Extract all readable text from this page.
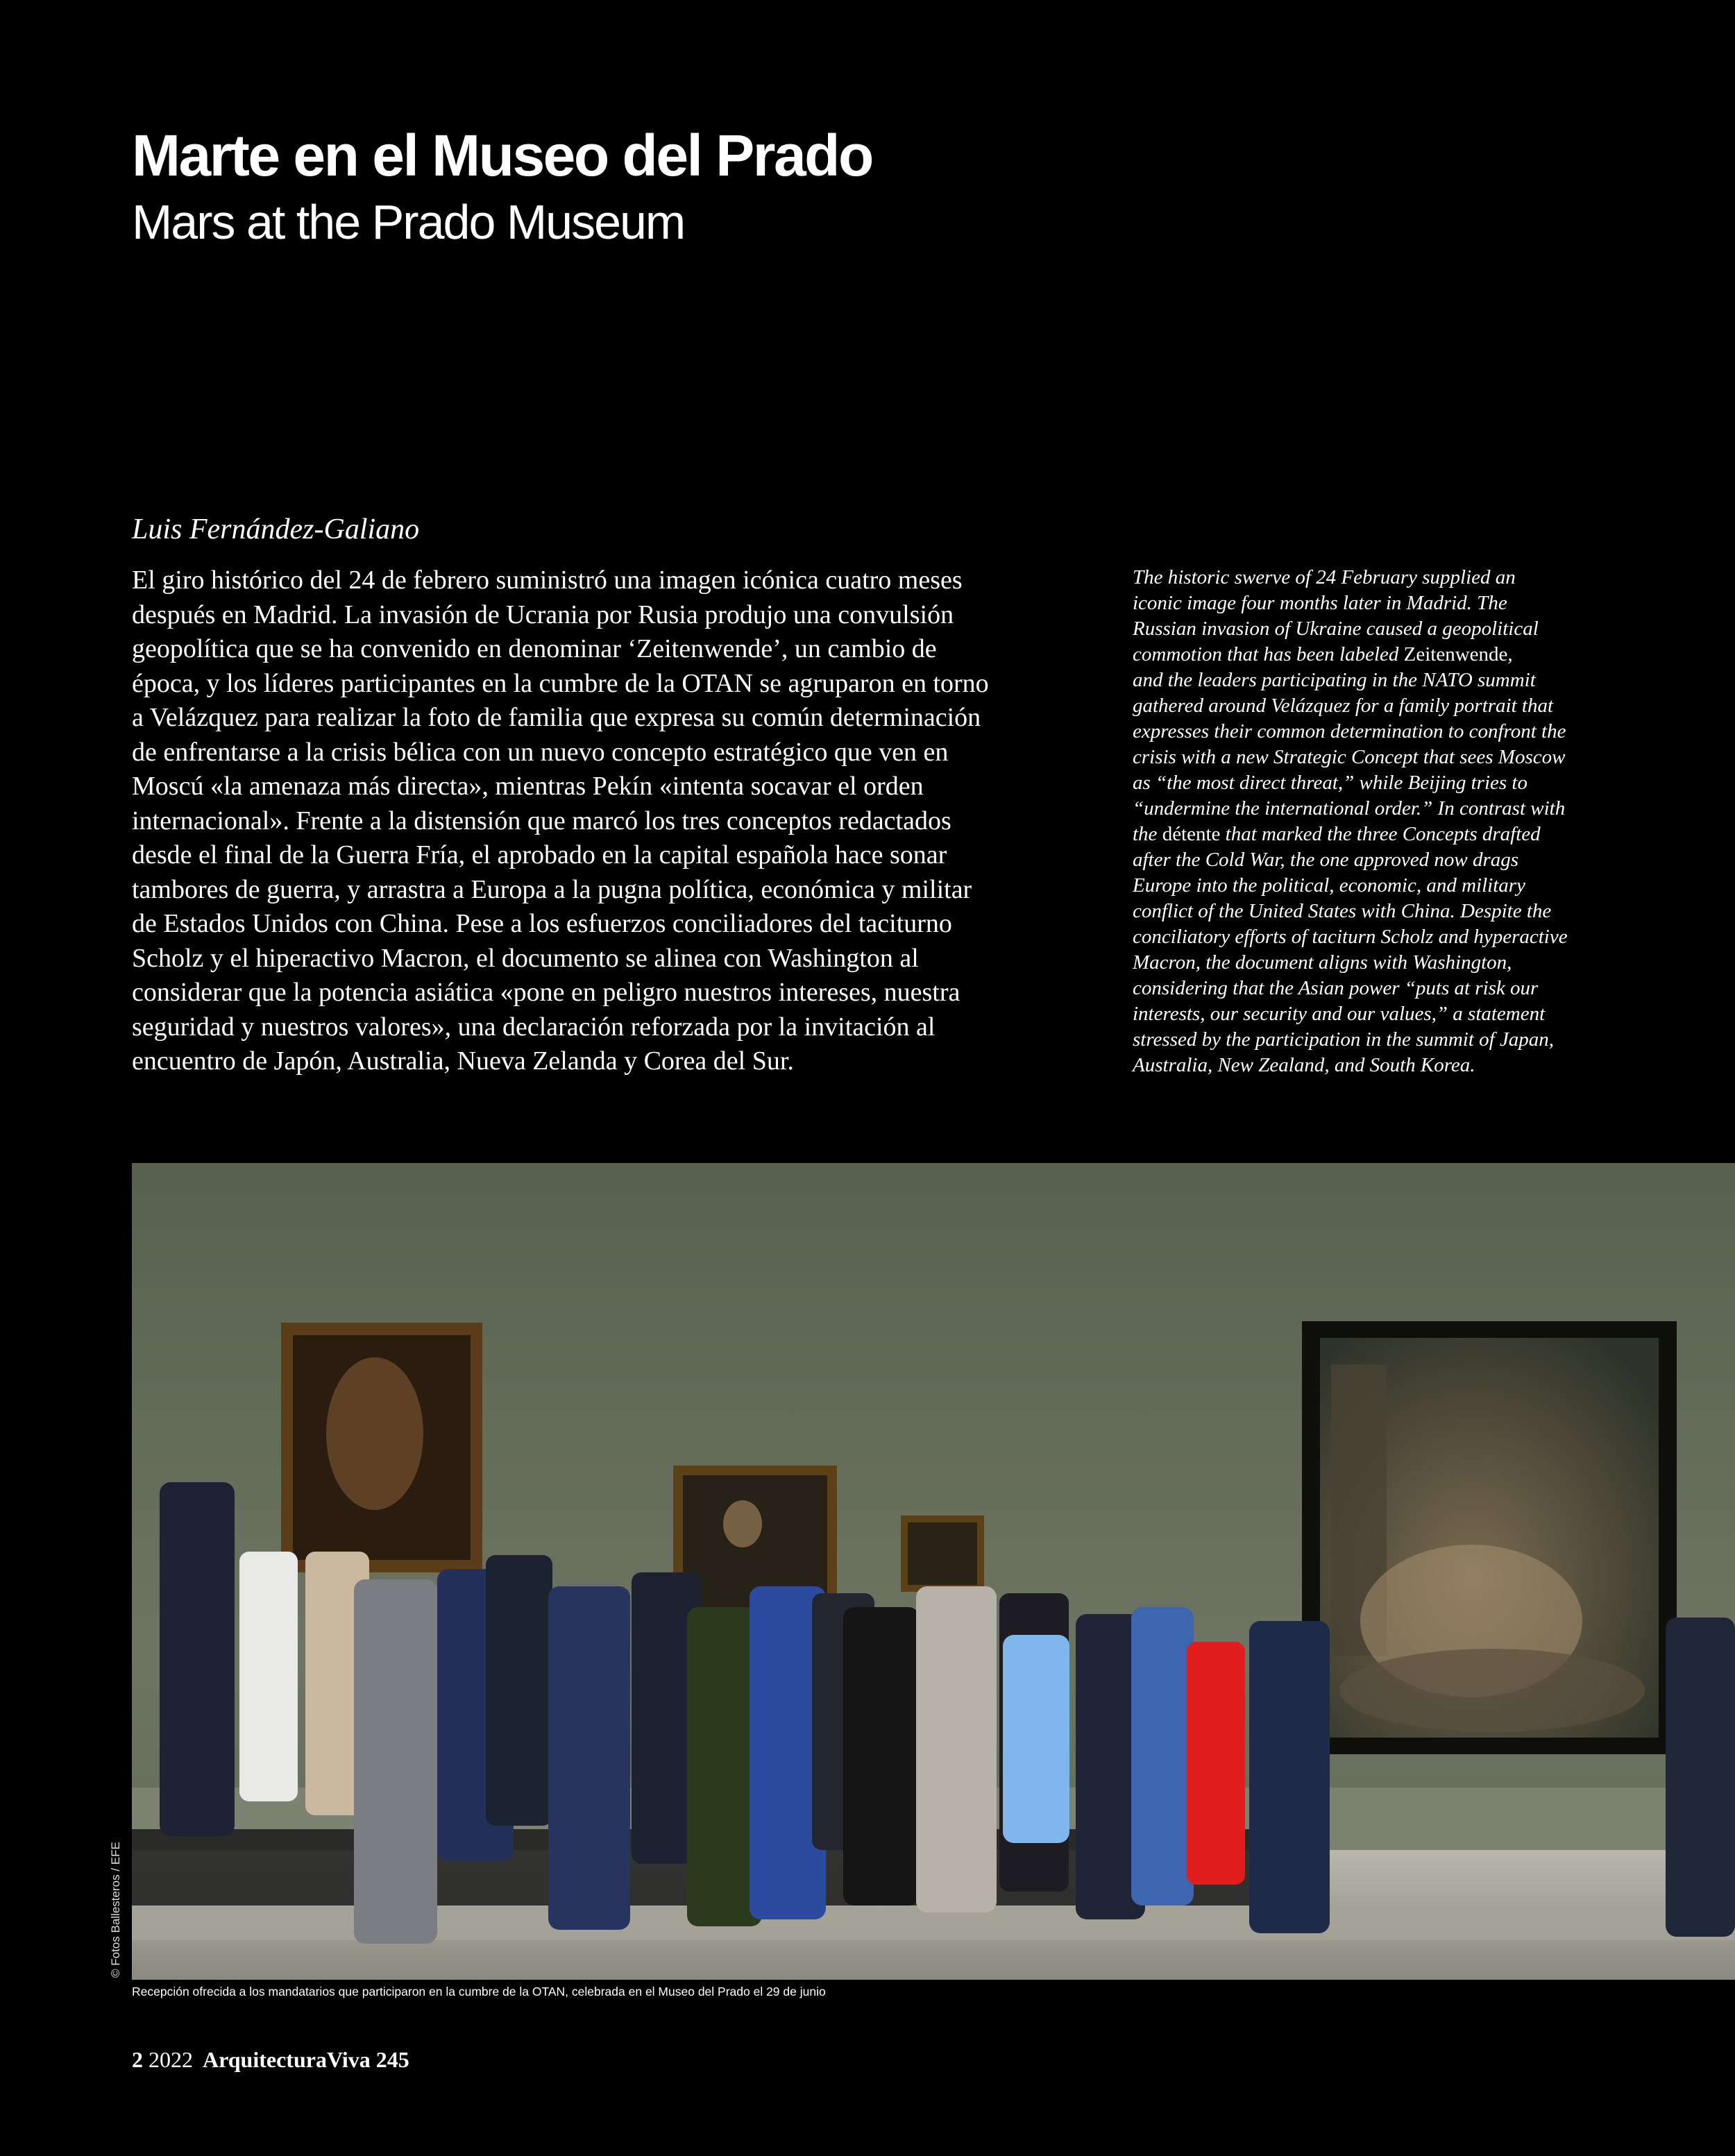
Marte en el Museo del Prado
Mars at the Prado Museum

Luis Fernández-Galiano

El giro histórico del 24 de febrero suministró una imagen icónica cuatro meses
después en Madrid. La invasión de Ucrania por Rusia produjo una convulsión
geopolítica que se ha convenido en denominar ‘Zeitenwende’, un cambio de
época, y los líderes participantes en la cumbre de la OTAN se agruparon en torno
a Velázquez para realizar la foto de familia que expresa su común determinación
de enfrentarse a la crisis bélica con un nuevo concepto estratégico que ven en
Moscú «la amenaza más directa», mientras Pekín «intenta socavar el orden
internacional». Frente a la distensión que marcó los tres conceptos redactados
desde el final de la Guerra Fría, el aprobado en la capital española hace sonar
tambores de guerra, y arrastra a Europa a la pugna política, económica y militar
de Estados Unidos con China. Pese a los esfuerzos conciliadores del taciturno
Scholz y el hiperactivo Macron, el documento se alinea con Washington al
considerar que la potencia asiática «pone en peligro nuestros intereses, nuestra
seguridad y nuestros valores», una declaración reforzada por la invitación al
encuentro de Japón, Australia, Nueva Zelanda y Corea del Sur.
The historic swerve of 24 February supplied an
iconic image four months later in Madrid. The
Russian invasion of Ukraine caused a geopolitical
commotion that has been labeled Zeitenwende,
and the leaders participating in the NATO summit
gathered around Velázquez for a family portrait that
expresses their common determination to confront the
crisis with a new Strategic Concept that sees Moscow
as “the most direct threat,” while Beijing tries to
“undermine the international order.” In contrast with
the détente that marked the three Concepts drafted
after the Cold War, the one approved now drags
Europe into the political, economic, and military
conflict of the United States with China. Despite the
conciliatory efforts of taciturn Scholz and hyperactive
Macron, the document aligns with Washington,
considering that the Asian power “puts at risk our
interests, our security and our values,” a statement
stressed by the participation in the summit of Japan,
Australia, New Zealand, and South Korea.

© Fotos Ballesteros / EFE

Recepción ofrecida a los mandatarios que participaron en la cumbre de la OTAN, celebrada en el Museo del Prado el 29 de junio

2 2022 ArquitecturaViva 245
